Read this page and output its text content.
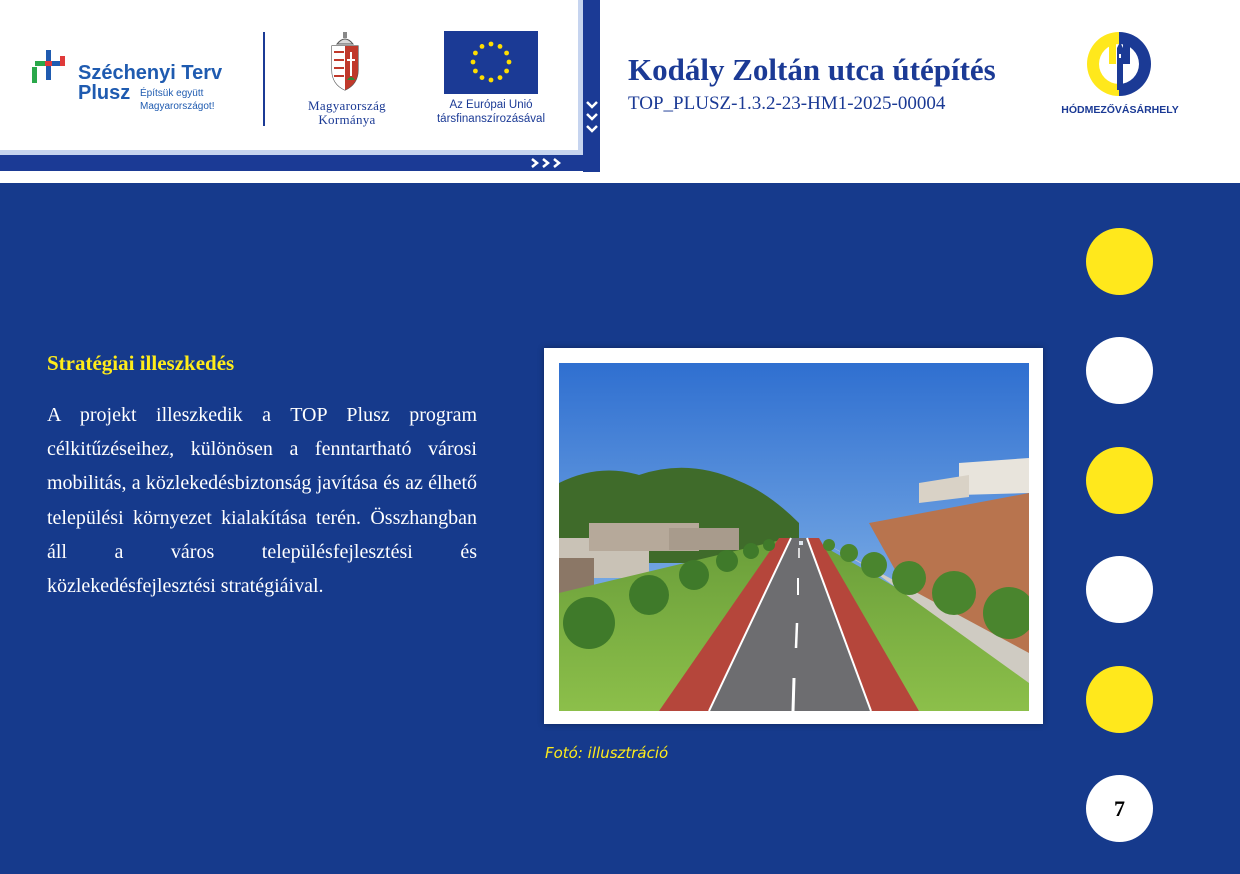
Széchenyi Terv
Plusz Építsük együtt
Magyarországot!	Magyarország
Kormánya
Az Európai Unió
társfinanszírozásával
Kodály Zoltán utca útépítés
TOP_PLUSZ-1.3.2-23-HM1-2025-00004	HÓDMEZŐVÁSÁRHELY
Stratégiai illeszkedés

A projekt illeszkedik a TOP Plusz program célkitűzéseihez, különösen a fenntartható városi mobilitás, a közlekedésbiztonság javítása és az élhető települési környezet kialakítása terén. Összhangban áll a város településfejlesztési és közlekedésfejlesztési stratégiáival.

Fotó: illusztráció
7
